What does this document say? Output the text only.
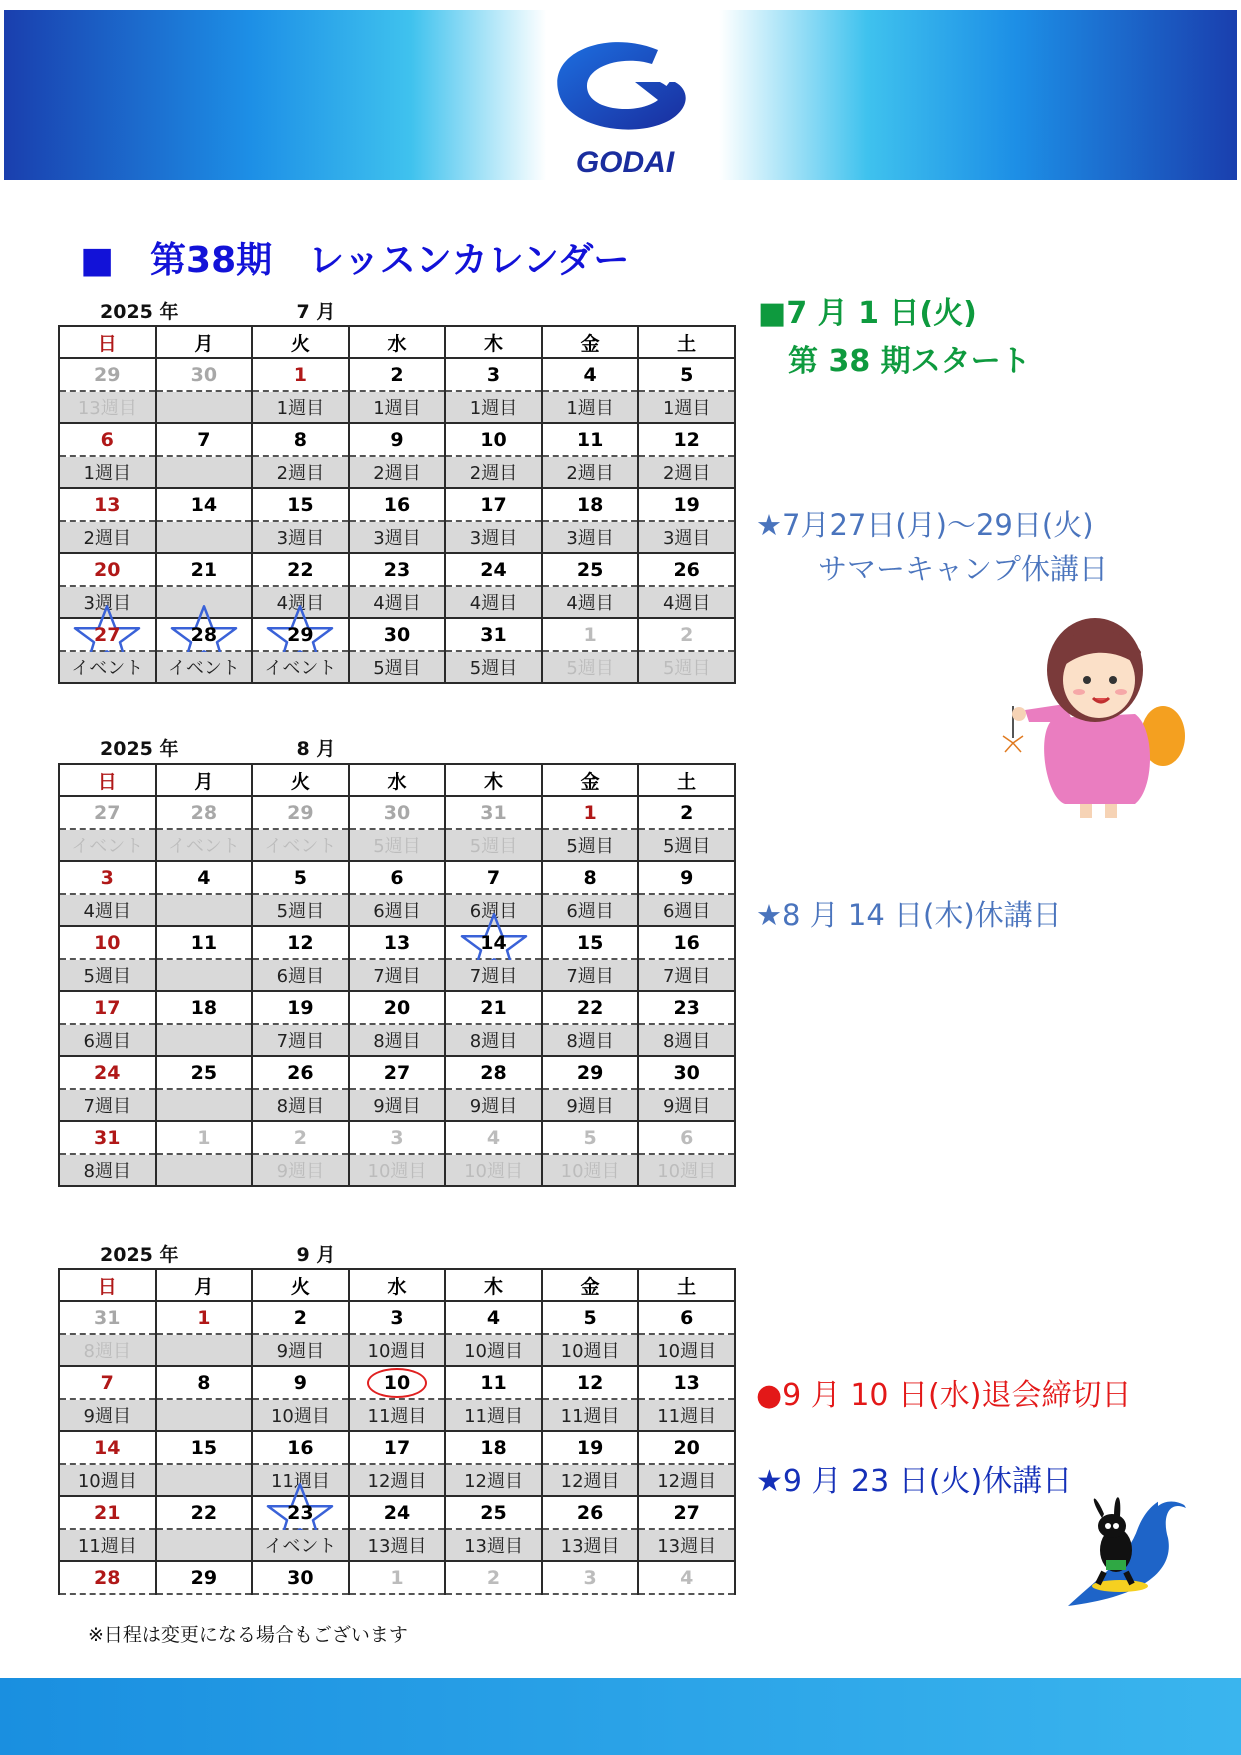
GODAI
■　第38期　レッスンカレンダー
2025 年	7 月
2025 年	8 月
2025 年	9 月
日	月	火	水	木	金	土
29	30	1	2	3	4	5
13週目		1週目	1週目	1週目	1週目	1週目
6	7	8	9	10	11	12
1週目		2週目	2週目	2週目	2週目	2週目
13	14	15	16	17	18	19
2週目		3週目	3週目	3週目	3週目	3週目
20	21	22	23	24	25	26
3週目		4週目	4週目	4週目	4週目	4週目

27	28	29	30	31	1	2
イベント	イベント	イベント	5週目	5週目	5週目	5週目
日	月	火	水	木	金	土
27	28	29	30	31	1	2
イベント	イベント	イベント	5週目	5週目	5週目	5週目
3	4	5	6	7	8	9
4週目		5週目	6週目	6週目	6週目	6週目
10	11	12	13	14	15	16
5週目		6週目	7週目	7週目	7週目	7週目
17	18	19	20	21	22	23
6週目		7週目	8週目	8週目	8週目	8週目
24	25	26	27	28	29	30
7週目		8週目	9週目	9週目	9週目	9週目
31	1	2	3	4	5	6
8週目		9週目	10週目	10週目	10週目	10週目
日	月	火	水	木	金	土
31	1	2	3	4	5	6
8週目		9週目	10週目	10週目	10週目	10週目
7	8	9	10	11	12	13
9週目		10週目	11週目	11週目	11週目	11週目
14	15	16	17	18	19	20
10週目		11週目	12週目	12週目	12週目	12週目
21	22	23	24	25	26	27
11週目		イベント	13週目	13週目	13週目	13週目
28	29	30	1	2	3	4
■7 月 1 日(火)
第 38 期スタート
★7月27日(月)～29日(火)
サマーキャンプ休講日
★8 月 14 日(木)休講日
●9 月 10 日(水)退会締切日
★9 月 23 日(火)休講日
※日程は変更になる場合もございます
